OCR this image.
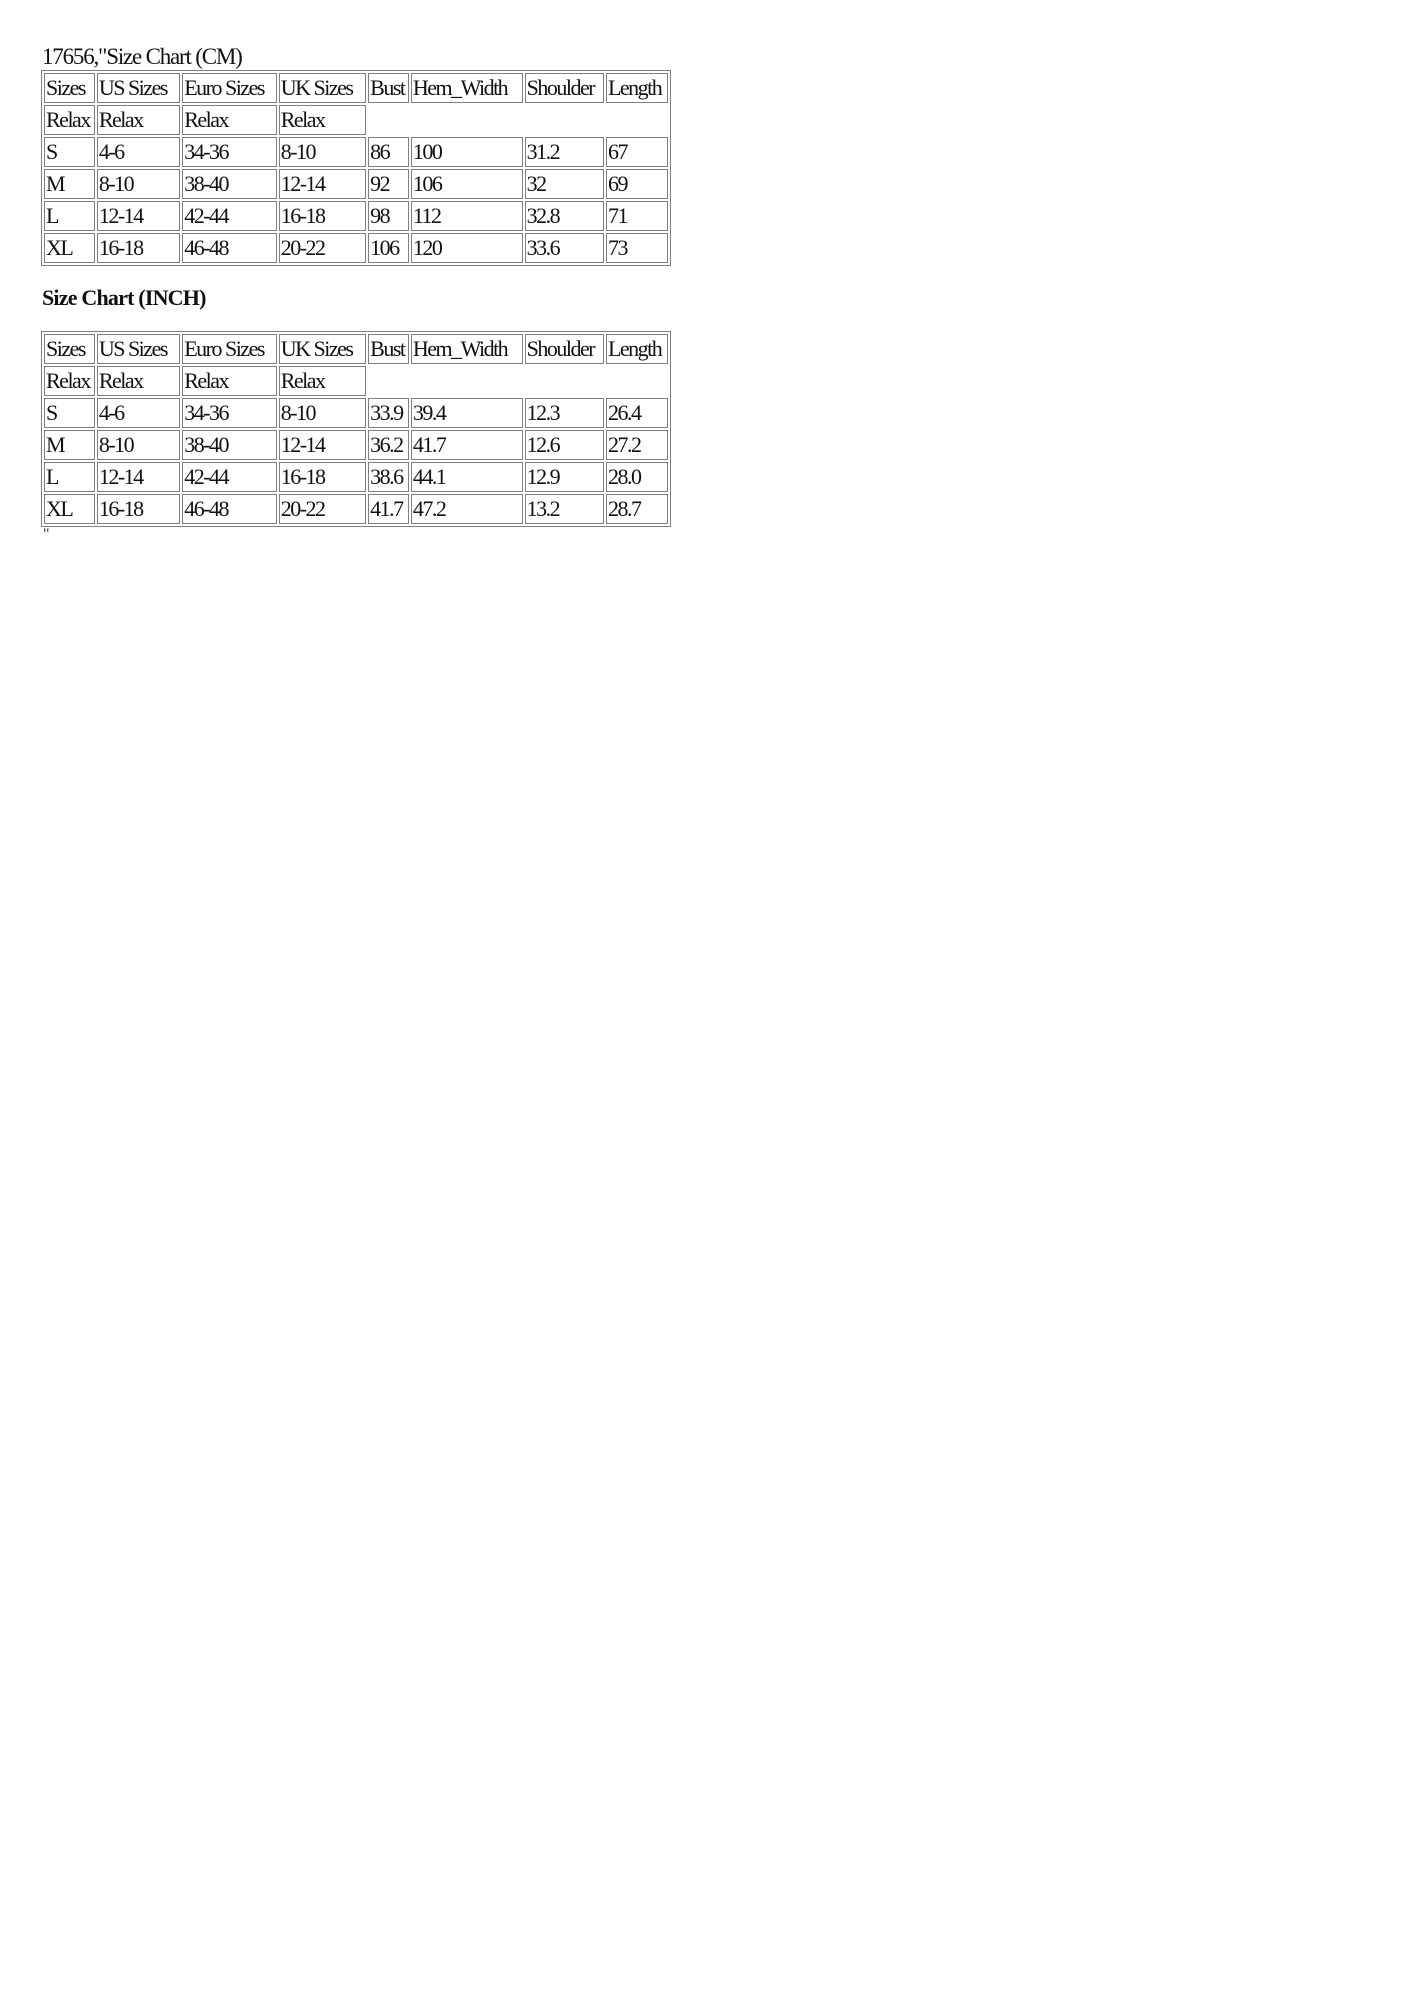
17656,"Size Chart (CM)
Sizes	US Sizes	Euro Sizes	UK Sizes	Bust	Hem_Width	Shoulder	Length
Relax	Relax	Relax	Relax				
S	4-6	34-36	8-10	86	100	31.2	67
M	8-10	38-40	12-14	92	106	32	69
L	12-14	42-44	16-18	98	112	32.8	71
XL	16-18	46-48	20-22	106	120	33.6	73
Size Chart (INCH)
Sizes	US Sizes	Euro Sizes	UK Sizes	Bust	Hem_Width	Shoulder	Length
Relax	Relax	Relax	Relax				
S	4-6	34-36	8-10	33.9	39.4	12.3	26.4
M	8-10	38-40	12-14	36.2	41.7	12.6	27.2
L	12-14	42-44	16-18	38.6	44.1	12.9	28.0
XL	16-18	46-48	20-22	41.7	47.2	13.2	28.7
"
